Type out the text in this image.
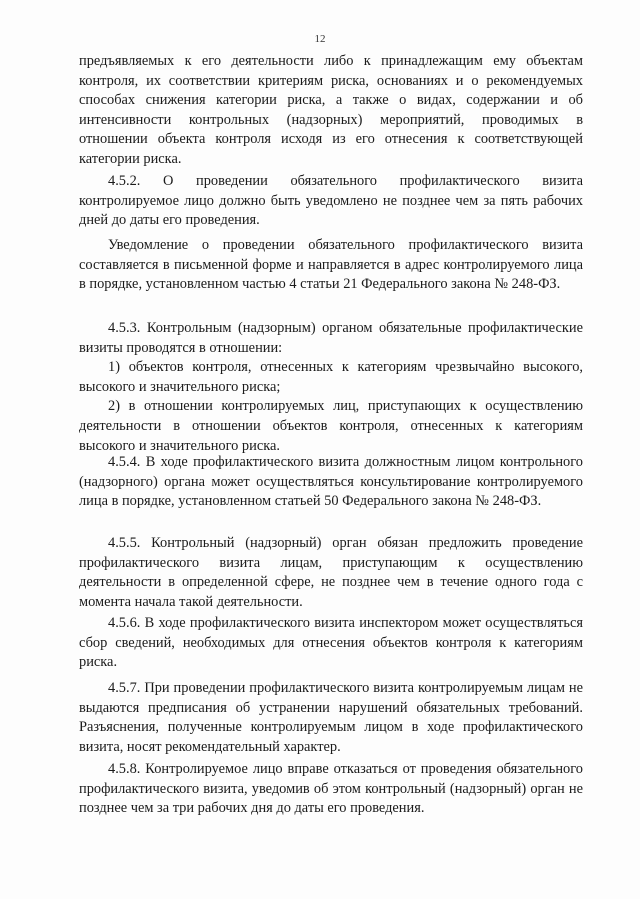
12

предъявляемых к его деятельности либо к принадлежащим ему объектам контроля, их соответствии критериям риска, основаниях и о рекомендуемых способах снижения категории риска, а также о видах, содержании и об интенсивности контрольных (надзорных) мероприятий, проводимых в отношении объекта контроля исходя из его отнесения к соответствующей категории риска.

4.5.2. О проведении обязательного профилактического визита контролируемое лицо должно быть уведомлено не позднее чем за пять рабочих дней до даты его проведения.

Уведомление о проведении обязательного профилактического визита составляется в письменной форме и направляется в адрес контролируемого лица в порядке, установленном частью 4 статьи 21 Федерального закона № 248-ФЗ.

4.5.3. Контрольным (надзорным) органом обязательные профилактические визиты проводятся в отношении:

1) объектов контроля, отнесенных к категориям чрезвычайно высокого, высокого и значительного риска;

2) в отношении контролируемых лиц, приступающих к осуществлению деятельности в отношении объектов контроля, отнесенных к категориям высокого и значительного риска.

4.5.4. В ходе профилактического визита должностным лицом контрольного (надзорного) органа может осуществляться консультирование контролируемого лица в порядке, установленном статьей 50 Федерального закона № 248-ФЗ.

4.5.5. Контрольный (надзорный) орган обязан предложить проведение профилактического визита лицам, приступающим к осуществлению деятельности в определенной сфере, не позднее чем в течение одного года с момента начала такой деятельности.

4.5.6. В ходе профилактического визита инспектором может осуществляться сбор сведений, необходимых для отнесения объектов контроля к категориям риска.

4.5.7. При проведении профилактического визита контролируемым лицам не выдаются предписания об устранении нарушений обязательных требований. Разъяснения, полученные контролируемым лицом в ходе профилактического визита, носят рекомендательный характер.

4.5.8. Контролируемое лицо вправе отказаться от проведения обязательного профилактического визита, уведомив об этом контрольный (надзорный) орган не позднее чем за три рабочих дня до даты его проведения.
